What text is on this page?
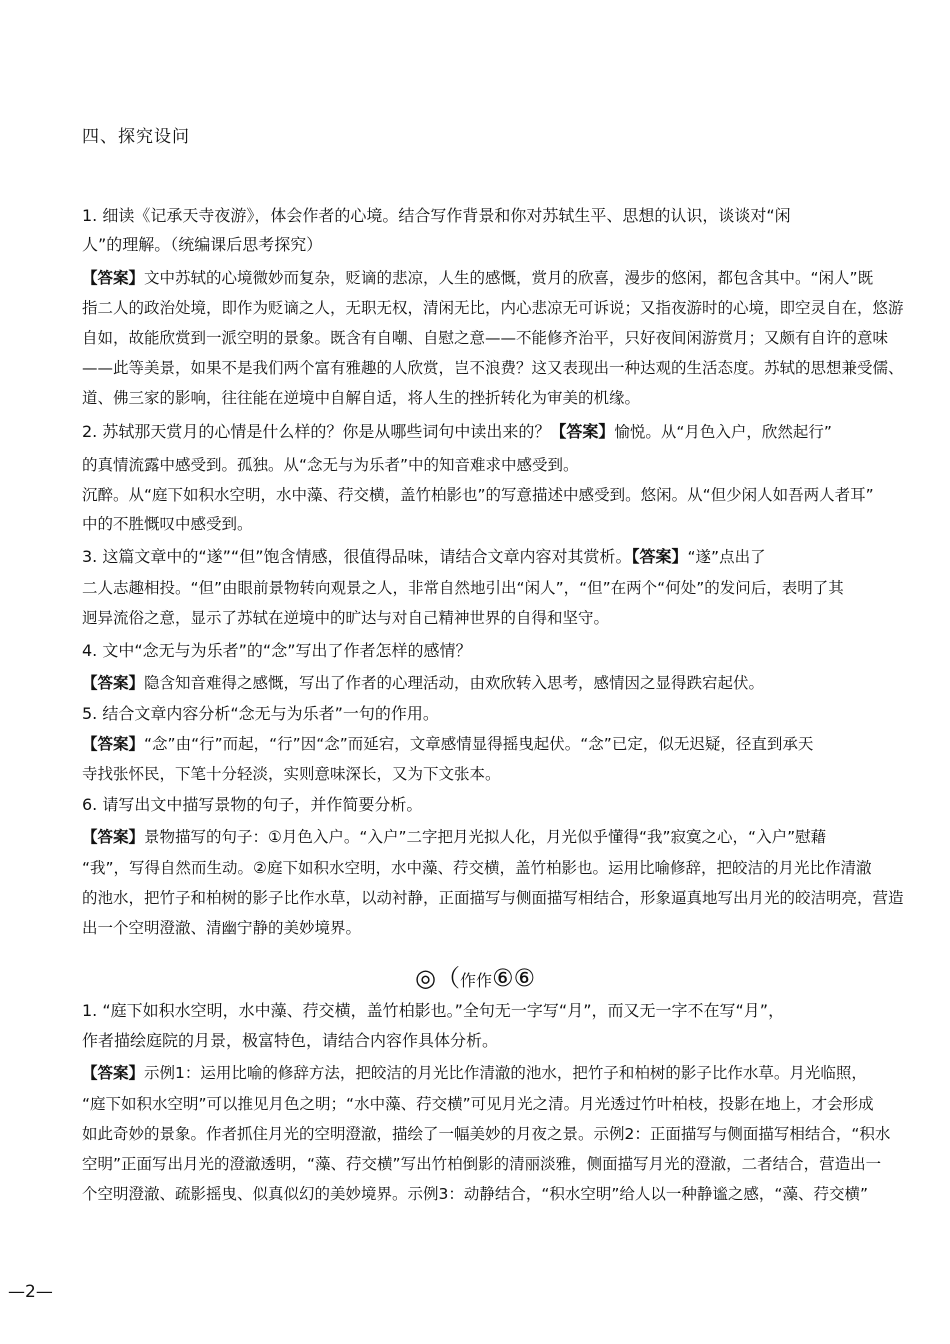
四、探究设问
1. 细读《记承天寺夜游》，体会作者的心境。结合写作背景和你对苏轼生平、思想的认识，谈谈对“闲
人”的理解。（统编课后思考探究）
【答案】文中苏轼的心境微妙而复杂，贬谪的悲凉，人生的感慨，赏月的欣喜，漫步的悠闲，都包含其中。“闲人”既
指二人的政治处境，即作为贬谪之人，无职无权，清闲无比，内心悲凉无可诉说；又指夜游时的心境，即空灵自在，悠游
自如，故能欣赏到一派空明的景象。既含有自嘲、自慰之意——不能修齐治平，只好夜间闲游赏月；又颇有自许的意味
——此等美景，如果不是我们两个富有雅趣的人欣赏，岂不浪费？这又表现出一种达观的生活态度。苏轼的思想兼受儒、
道、佛三家的影响，往往能在逆境中自解自适，将人生的挫折转化为审美的机缘。
2. 苏轼那天赏月的心情是什么样的？你是从哪些词句中读出来的？【答案】愉悦。从“月色入户，欣然起行”
的真情流露中感受到。孤独。从“念无与为乐者”中的知音难求中感受到。
沉醉。从“庭下如积水空明，水中藻、荇交横，盖竹柏影也”的写意描述中感受到。悠闲。从“但少闲人如吾两人者耳”
中的不胜慨叹中感受到。
3. 这篇文章中的“遂”“但”饱含情感，很值得品味，请结合文章内容对其赏析。【答案】“遂”点出了
二人志趣相投。“但”由眼前景物转向观景之人，非常自然地引出“闲人”，“但”在两个“何处”的发问后，表明了其
迥异流俗之意，显示了苏轼在逆境中的旷达与对自己精神世界的自得和坚守。
4. 文中“念无与为乐者”的“念”写出了作者怎样的感情？
【答案】隐含知音难得之感慨，写出了作者的心理活动，由欢欣转入思考，感情因之显得跌宕起伏。
5. 结合文章内容分析“念无与为乐者”一句的作用。
【答案】“念”由“行”而起，“行”因“念”而延宕，文章感情显得摇曳起伏。“念”已定，似无迟疑，径直到承天
寺找张怀民，下笔十分轻淡，实则意味深长，又为下文张本。
6. 请写出文中描写景物的句子，并作简要分析。
【答案】景物描写的句子：①月色入户。“入户”二字把月光拟人化，月光似乎懂得“我”寂寞之心，“入户”慰藉
“我”，写得自然而生动。②庭下如积水空明，水中藻、荇交横，盖竹柏影也。运用比喻修辞，把皎洁的月光比作清澈
的池水，把竹子和柏树的影子比作水草，以动衬静，正面描写与侧面描写相结合，形象逼真地写出月光的皎洁明亮，营造
出一个空明澄澈、清幽宁静的美妙境界。
◎（作作⑥⑥
1. “庭下如积水空明，水中藻、荇交横，盖竹柏影也。”全句无一字写“月”，而又无一字不在写“月”，
作者描绘庭院的月景，极富特色，请结合内容作具体分析。
【答案】示例1：运用比喻的修辞方法，把皎洁的月光比作清澈的池水，把竹子和柏树的影子比作水草。月光临照，
“庭下如积水空明”可以推见月色之明；“水中藻、荇交横”可见月光之清。月光透过竹叶柏枝，投影在地上，才会形成
如此奇妙的景象。作者抓住月光的空明澄澈，描绘了一幅美妙的月夜之景。示例2：正面描写与侧面描写相结合，“积水
空明”正面写出月光的澄澈透明，“藻、荇交横”写出竹柏倒影的清丽淡雅，侧面描写月光的澄澈，二者结合，营造出一
个空明澄澈、疏影摇曳、似真似幻的美妙境界。示例3：动静结合，“积水空明”给人以一种静谧之感，“藻、荇交横”
—2—
